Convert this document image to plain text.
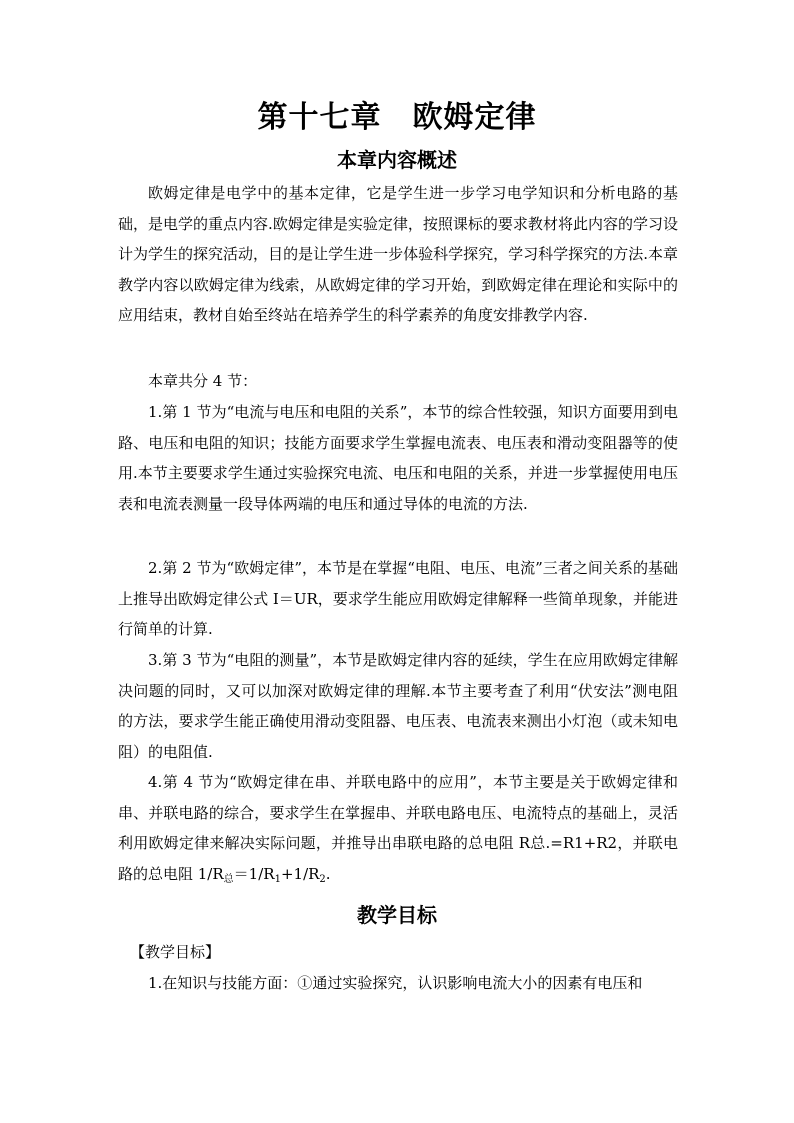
第十七章　欧姆定律
本章内容概述

欧姆定律是电学中的基本定律，它是学生进一步学习电学知识和分析电路的基础，是电学的重点内容.欧姆定律是实验定律，按照课标的要求教材将此内容的学习设计为学生的探究活动，目的是让学生进一步体验科学探究，学习科学探究的方法.本章教学内容以欧姆定律为线索，从欧姆定律的学习开始，到欧姆定律在理论和实际中的应用结束，教材自始至终站在培养学生的科学素养的角度安排教学内容.

本章共分 4 节：

1.第 1 节为“电流与电压和电阻的关系”，本节的综合性较强，知识方面要用到电路、电压和电阻的知识；技能方面要求学生掌握电流表、电压表和滑动变阻器等的使用.本节主要要求学生通过实验探究电流、电压和电阻的关系，并进一步掌握使用电压表和电流表测量一段导体两端的电压和通过导体的电流的方法.

2.第 2 节为“欧姆定律”，本节是在掌握“电阻、电压、电流”三者之间关系的基础上推导出欧姆定律公式 I＝UR，要求学生能应用欧姆定律解释一些简单现象，并能进行简单的计算.

3.第 3 节为“电阻的测量”，本节是欧姆定律内容的延续，学生在应用欧姆定律解决问题的同时，又可以加深对欧姆定律的理解.本节主要考查了利用“伏安法”测电阻的方法，要求学生能正确使用滑动变阻器、电压表、电流表来测出小灯泡（或未知电阻）的电阻值.

4.第 4 节为“欧姆定律在串、并联电路中的应用”，本节主要是关于欧姆定律和串、并联电路的综合，要求学生在掌握串、并联电路电压、电流特点的基础上，灵活利用欧姆定律来解决实际问题，并推导出串联电路的总电阻 R总.=R1+R2，并联电路的总电阻 $1/R_总=1/R_1+1/R_2$.

教学目标

【教学目标】

1.在知识与技能方面：①通过实验探究，认识影响电流大小的因素有电压和
